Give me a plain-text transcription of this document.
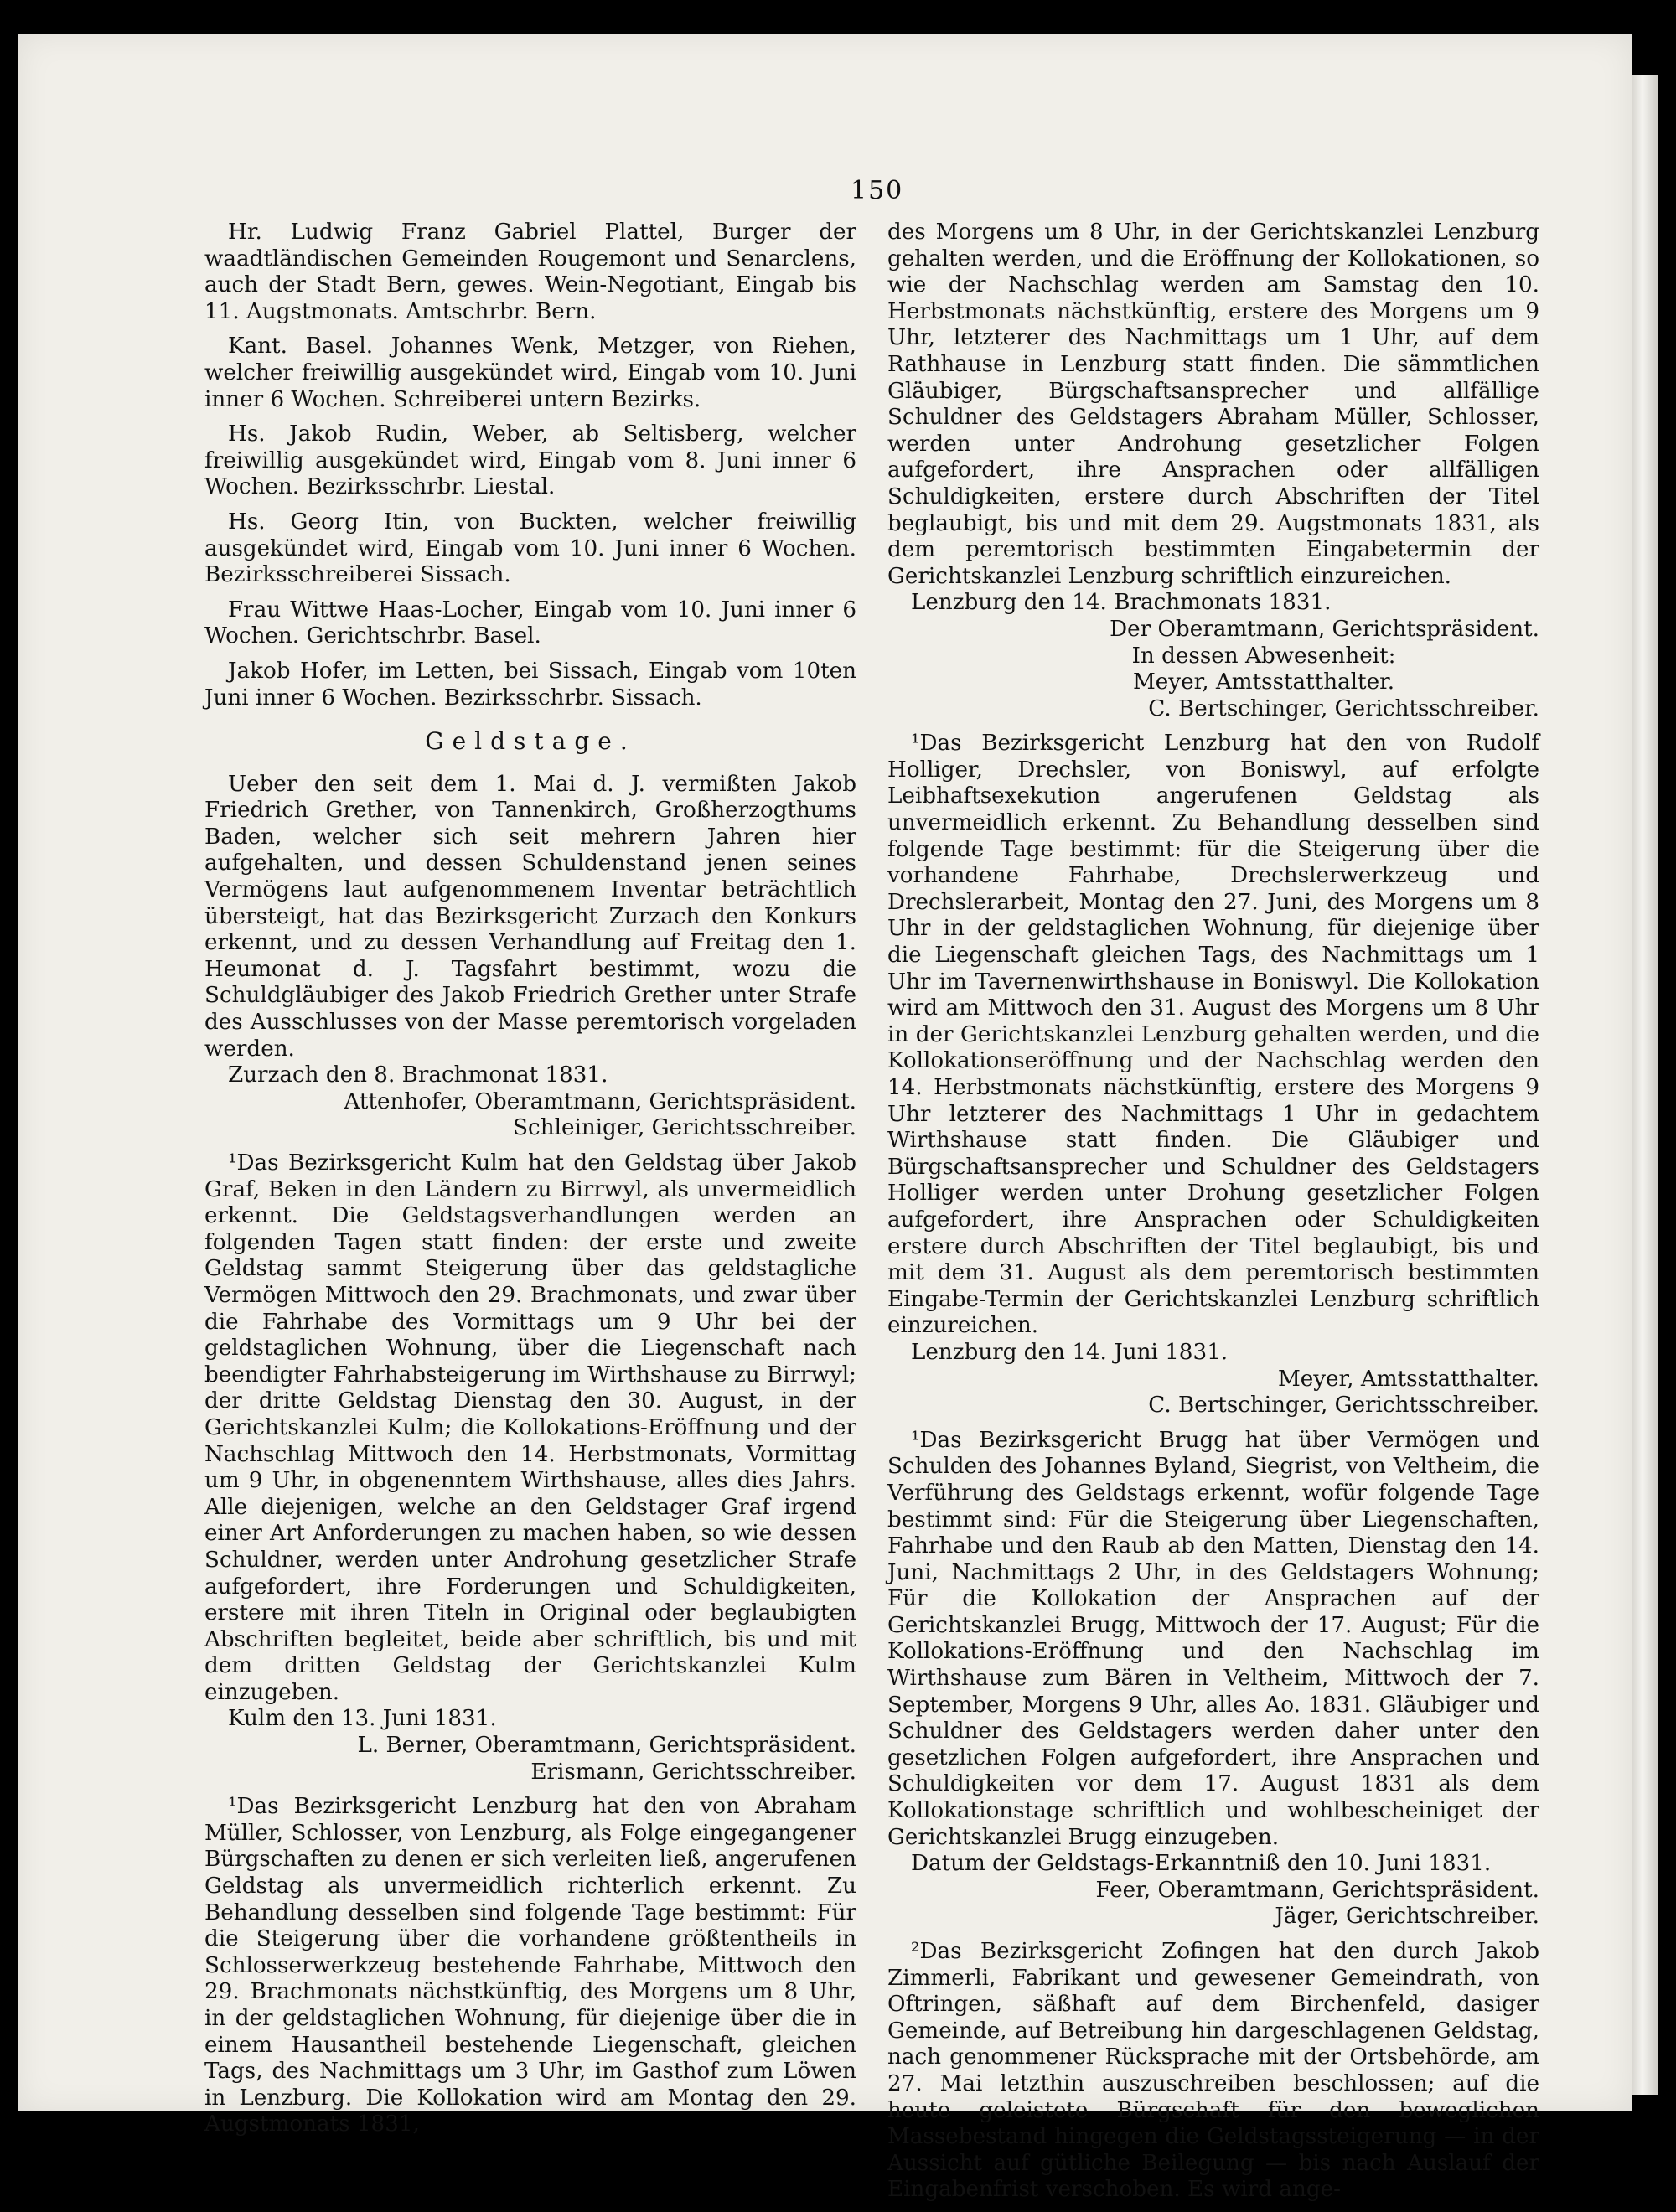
150

Hr. Ludwig Franz Gabriel Plattel, Burger der waadtländischen Gemeinden Rougemont und Senarclens, auch der Stadt Bern, gewes. Wein-Negotiant, Eingab bis 11. Augstmonats. Amtschrbr. Bern.

Kant. Basel. Johannes Wenk, Metzger, von Riehen, welcher freiwillig ausgekündet wird, Eingab vom 10. Juni inner 6 Wochen. Schreiberei untern Bezirks.

Hs. Jakob Rudin, Weber, ab Seltisberg, welcher freiwillig ausgekündet wird, Eingab vom 8. Juni inner 6 Wochen. Bezirksschrbr. Liestal.

Hs. Georg Itin, von Buckten, welcher freiwillig ausgekündet wird, Eingab vom 10. Juni inner 6 Wochen. Bezirksschreiberei Sissach.

Frau Wittwe Haas-Locher, Eingab vom 10. Juni inner 6 Wochen. Gerichtschrbr. Basel.

Jakob Hofer, im Letten, bei Sissach, Eingab vom 10ten Juni inner 6 Wochen. Bezirksschrbr. Sissach.

Geldstage.

Ueber den seit dem 1. Mai d. J. vermißten Jakob Friedrich Grether, von Tannenkirch, Großherzogthums Baden, welcher sich seit mehrern Jahren hier aufgehalten, und dessen Schuldenstand jenen seines Vermögens laut aufgenommenem Inventar beträchtlich übersteigt, hat das Bezirksgericht Zurzach den Konkurs erkennt, und zu dessen Verhandlung auf Freitag den 1. Heumonat d. J. Tagsfahrt bestimmt, wozu die Schuldgläubiger des Jakob Friedrich Grether unter Strafe des Ausschlusses von der Masse peremtorisch vorgeladen werden.

Zurzach den 8. Brachmonat 1831.

Attenhofer, Oberamtmann, Gerichtspräsident.

Schleiniger, Gerichtsschreiber.

¹Das Bezirksgericht Kulm hat den Geldstag über Jakob Graf, Beken in den Ländern zu Birrwyl, als unvermeidlich erkennt. Die Geldstagsverhandlungen werden an folgenden Tagen statt finden: der erste und zweite Geldstag sammt Steigerung über das geldstagliche Vermögen Mittwoch den 29. Brachmonats, und zwar über die Fahrhabe des Vormittags um 9 Uhr bei der geldstaglichen Wohnung, über die Liegenschaft nach beendigter Fahrhabsteigerung im Wirthshause zu Birrwyl; der dritte Geldstag Dienstag den 30. August, in der Gerichtskanzlei Kulm; die Kollokations-Eröffnung und der Nachschlag Mittwoch den 14. Herbstmonats, Vormittag um 9 Uhr, in obgenenntem Wirthshause, alles dies Jahrs. Alle diejenigen, welche an den Geldstager Graf irgend einer Art Anforderungen zu machen haben, so wie dessen Schuldner, werden unter Androhung gesetzlicher Strafe aufgefordert, ihre Forderungen und Schuldigkeiten, erstere mit ihren Titeln in Original oder beglaubigten Abschriften begleitet, beide aber schriftlich, bis und mit dem dritten Geldstag der Gerichtskanzlei Kulm einzugeben.

Kulm den 13. Juni 1831.

L. Berner, Oberamtmann, Gerichtspräsident.

Erismann, Gerichtsschreiber.

¹Das Bezirksgericht Lenzburg hat den von Abraham Müller, Schlosser, von Lenzburg, als Folge eingegangener Bürgschaften zu denen er sich verleiten ließ, angerufenen Geldstag als unvermeidlich richterlich erkennt. Zu Behandlung desselben sind folgende Tage bestimmt: Für die Steigerung über die vorhandene größtentheils in Schlosserwerkzeug bestehende Fahrhabe, Mittwoch den 29. Brachmonats nächstkünftig, des Morgens um 8 Uhr, in der geldstaglichen Wohnung, für diejenige über die in einem Hausantheil bestehende Liegenschaft, gleichen Tags, des Nachmittags um 3 Uhr, im Gasthof zum Löwen in Lenzburg. Die Kollokation wird am Montag den 29. Augstmonats 1831,

des Morgens um 8 Uhr, in der Gerichtskanzlei Lenzburg gehalten werden, und die Eröffnung der Kollokationen, so wie der Nachschlag werden am Samstag den 10. Herbstmonats nächstkünftig, erstere des Morgens um 9 Uhr, letzterer des Nachmittags um 1 Uhr, auf dem Rathhause in Lenzburg statt finden. Die sämmtlichen Gläubiger, Bürgschaftsansprecher und allfällige Schuldner des Geldstagers Abraham Müller, Schlosser, werden unter Androhung gesetzlicher Folgen aufgefordert, ihre Ansprachen oder allfälligen Schuldigkeiten, erstere durch Abschriften der Titel beglaubigt, bis und mit dem 29. Augstmonats 1831, als dem peremtorisch bestimmten Eingabetermin der Gerichtskanzlei Lenzburg schriftlich einzureichen.

Lenzburg den 14. Brachmonats 1831.

Der Oberamtmann, Gerichtspräsident.

In dessen Abwesenheit:

Meyer, Amtsstatthalter.

C. Bertschinger, Gerichtsschreiber.

¹Das Bezirksgericht Lenzburg hat den von Rudolf Holliger, Drechsler, von Boniswyl, auf erfolgte Leibhaftsexekution angerufenen Geldstag als unvermeidlich erkennt. Zu Behandlung desselben sind folgende Tage bestimmt: für die Steigerung über die vorhandene Fahrhabe, Drechslerwerkzeug und Drechslerarbeit, Montag den 27. Juni, des Morgens um 8 Uhr in der geldstaglichen Wohnung, für diejenige über die Liegenschaft gleichen Tags, des Nachmittags um 1 Uhr im Tavernenwirthshause in Boniswyl. Die Kollokation wird am Mittwoch den 31. August des Morgens um 8 Uhr in der Gerichtskanzlei Lenzburg gehalten werden, und die Kollokationseröffnung und der Nachschlag werden den 14. Herbstmonats nächstkünftig, erstere des Morgens 9 Uhr letzterer des Nachmittags 1 Uhr in gedachtem Wirthshause statt finden. Die Gläubiger und Bürgschaftsansprecher und Schuldner des Geldstagers Holliger werden unter Drohung gesetzlicher Folgen aufgefordert, ihre Ansprachen oder Schuldigkeiten erstere durch Abschriften der Titel beglaubigt, bis und mit dem 31. August als dem peremtorisch bestimmten Eingabe-Termin der Gerichtskanzlei Lenzburg schriftlich einzureichen.

Lenzburg den 14. Juni 1831.

Meyer, Amtsstatthalter.

C. Bertschinger, Gerichtsschreiber.

¹Das Bezirksgericht Brugg hat über Vermögen und Schulden des Johannes Byland, Siegrist, von Veltheim, die Verführung des Geldstags erkennt, wofür folgende Tage bestimmt sind: Für die Steigerung über Liegenschaften, Fahrhabe und den Raub ab den Matten, Dienstag den 14. Juni, Nachmittags 2 Uhr, in des Geldstagers Wohnung; Für die Kollokation der Ansprachen auf der Gerichtskanzlei Brugg, Mittwoch der 17. August; Für die Kollokations-Eröffnung und den Nachschlag im Wirthshause zum Bären in Veltheim, Mittwoch der 7. September, Morgens 9 Uhr, alles Ao. 1831. Gläubiger und Schuldner des Geldstagers werden daher unter den gesetzlichen Folgen aufgefordert, ihre Ansprachen und Schuldigkeiten vor dem 17. August 1831 als dem Kollokationstage schriftlich und wohlbescheiniget der Gerichtskanzlei Brugg einzugeben.

Datum der Geldstags-Erkanntniß den 10. Juni 1831.

Feer, Oberamtmann, Gerichtspräsident.

Jäger, Gerichtschreiber.

²Das Bezirksgericht Zofingen hat den durch Jakob Zimmerli, Fabrikant und gewesener Gemeindrath, von Oftringen, säßhaft auf dem Birchenfeld, dasiger Gemeinde, auf Betreibung hin dargeschlagenen Geldstag, nach genommener Rücksprache mit der Ortsbehörde, am 27. Mai letzthin auszuschreiben beschlossen; auf die heute geleistete Bürgschaft für den beweglichen Massebestand hingegen die Geldstagssteigerung — in der Aussicht auf gütliche Beilegung — bis nach Auslauf der Eingabenfrist verschoben. Es wird ange-
